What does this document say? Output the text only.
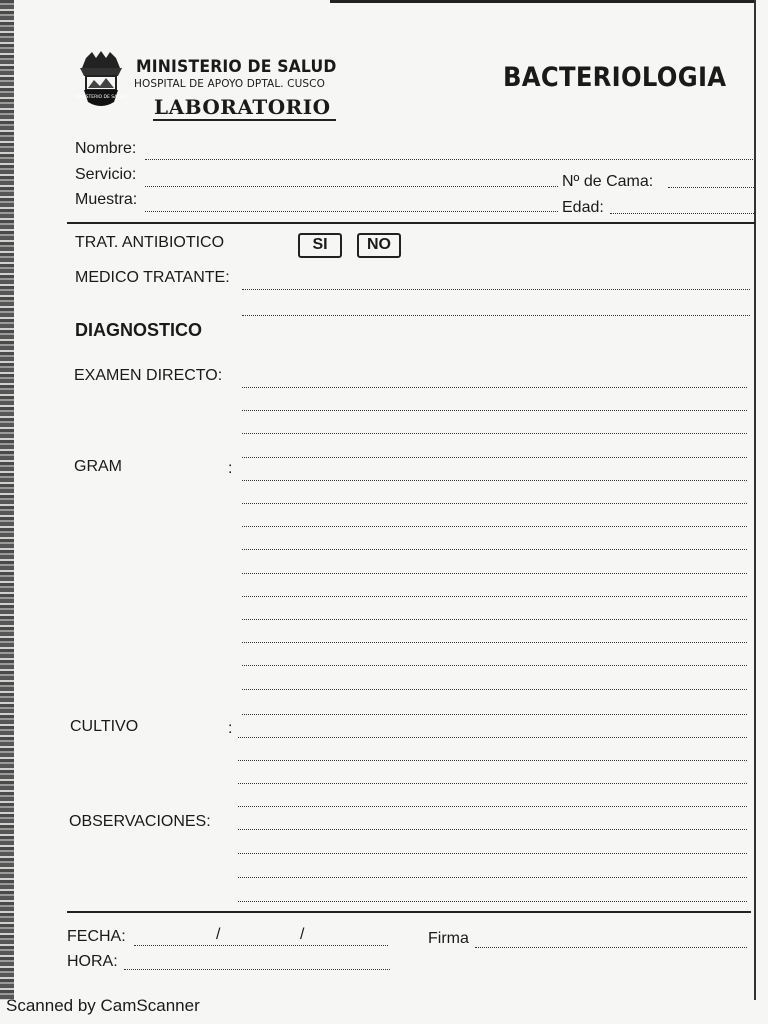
MINISTERIO DE SALUD
MINISTERIO DE SALUD
HOSPITAL DE APOYO DPTAL. CUSCO
LABORATORIO
BACTERIOLOGIA
Nombre:
Servicio:	Nº de Cama:
Muestra:	Edad:
TRAT. ANTIBIOTICO	SI	NO
MEDICO TRATANTE:
DIAGNOSTICO
EXAMEN DIRECTO:
GRAM	:
CULTIVO	:
OBSERVACIONES:
FECHA:	/	/	Firma
HORA:
Scanned by CamScanner
